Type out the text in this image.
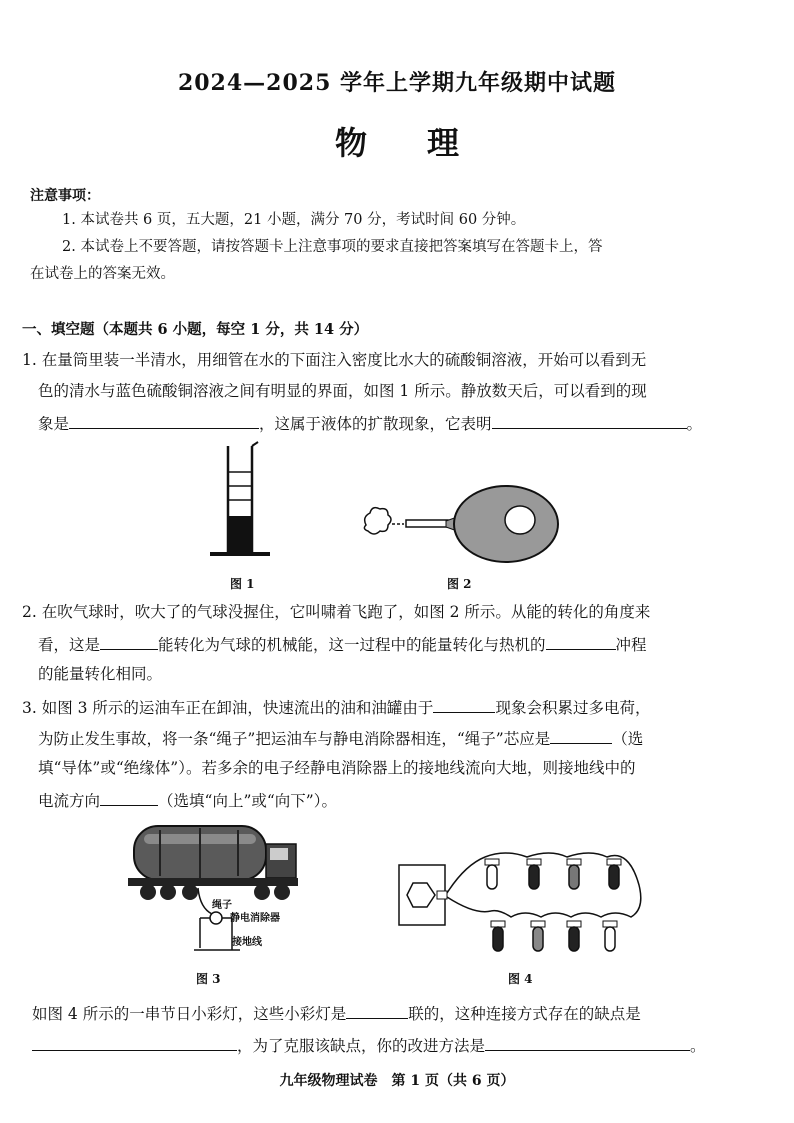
2024—2025 学年上学期九年级期中试题
物理
注意事项：
1. 本试卷共 6 页，五大题，21 小题，满分 70 分，考试时间 60 分钟。
2. 本试卷上不要答题，请按答题卡上注意事项的要求直接把答案填写在答题卡上，答
在试卷上的答案无效。
一、填空题（本题共 6 小题，每空 1 分，共 14 分）
1. 在量筒里装一半清水，用细管在水的下面注入密度比水大的硫酸铜溶液，开始可以看到无
色的清水与蓝色硫酸铜溶液之间有明显的界面，如图 1 所示。静放数天后，可以看到的现
象是	，这属于液体的扩散现象，它表明	。
图 1	图 2
2. 在吹气球时，吹大了的气球没握住，它叫啸着飞跑了，如图 2 所示。从能的转化的角度来
看，这是	能转化为气球的机械能，这一过程中的能量转化与热机的	冲程
的能量转化相同。
3. 如图 3 所示的运油车正在卸油，快速流出的油和油罐由于	现象会积累过多电荷，
为防止发生事故，将一条“绳子”把运油车与静电消除器相连，“绳子”芯应是	（选
填“导体”或“绝缘体”）。若多余的电子经静电消除器上的接地线流向大地，则接地线中的
电流方向	（选填“向上”或“向下”）。
绳子
静电消除器
接地线
图 3	图 4
如图 4 所示的一串节日小彩灯，这些小彩灯是	联的，这种连接方式存在的缺点是
，为了克服该缺点，你的改进方法是	。
九年级物理试卷　第 1 页（共 6 页）
